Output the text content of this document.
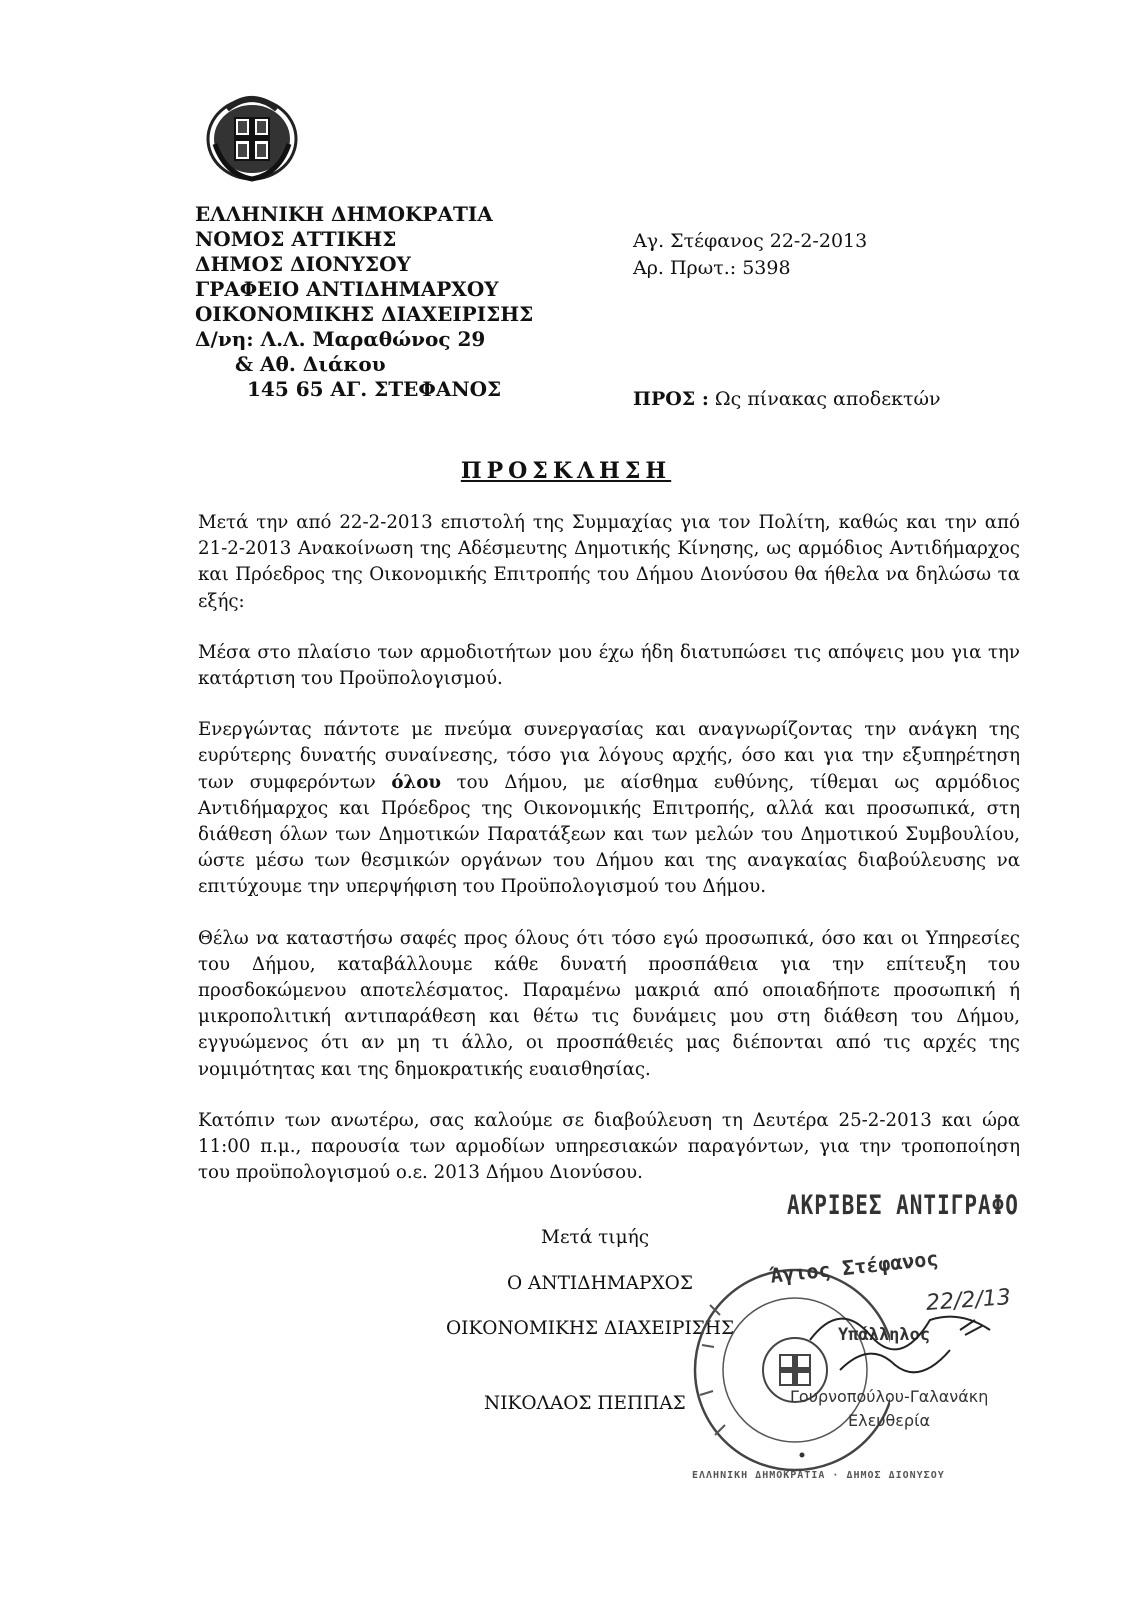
ΕΛΛΗΝΙΚΗ ΔΗΜΟΚΡΑΤΙΑ
ΝΟΜΟΣ ΑΤΤΙΚΗΣ
ΔΗΜΟΣ ΔΙΟΝΥΣΟΥ
ΓΡΑΦΕΙΟ ΑΝΤΙΔΗΜΑΡΧΟΥ
ΟΙΚΟΝΟΜΙΚΗΣ ΔΙΑΧΕΙΡΙΣΗΣ
Δ/νη: Λ.Λ. Μαραθώνος 29
& Αθ. Διάκου
145 65 ΑΓ. ΣΤΕΦΑΝΟΣ
Αγ. Στέφανος 22-2-2013
Αρ. Πρωτ.: 5398
ΠΡΟΣ : Ως πίνακας αποδεκτών
ΠΡΟΣΚΛΗΣΗ

Μετά την από 22-2-2013 επιστολή της Συμμαχίας για τον Πολίτη, καθώς και την από 21-2-2013 Ανακοίνωση της Αδέσμευτης Δημοτικής Κίνησης, ως αρμόδιος Αντιδήμαρχος και Πρόεδρος της Οικονομικής Επιτροπής του Δήμου Διονύσου θα ήθελα να δηλώσω τα εξής:

Μέσα στο πλαίσιο των αρμοδιοτήτων μου έχω ήδη διατυπώσει τις απόψεις μου για την κατάρτιση του Προϋπολογισμού.

Ενεργώντας πάντοτε με πνεύμα συνεργασίας και αναγνωρίζοντας την ανάγκη της ευρύτερης δυνατής συναίνεσης, τόσο για λόγους αρχής, όσο και για την εξυπηρέτηση των συμφερόντων όλου του Δήμου, με αίσθημα ευθύνης, τίθεμαι ως αρμόδιος Αντιδήμαρχος και Πρόεδρος της Οικονομικής Επιτροπής, αλλά και προσωπικά, στη διάθεση όλων των Δημοτικών Παρατάξεων και των μελών του Δημοτικού Συμβουλίου, ώστε μέσω των θεσμικών οργάνων του Δήμου και της αναγκαίας διαβούλευσης να επιτύχουμε την υπερψήφιση του Προϋπολογισμού του Δήμου.

Θέλω να καταστήσω σαφές προς όλους ότι τόσο εγώ προσωπικά, όσο και οι Υπηρεσίες του Δήμου, καταβάλλουμε κάθε δυνατή προσπάθεια για την επίτευξη του προσδοκώμενου αποτελέσματος. Παραμένω μακριά από οποιαδήποτε προσωπική ή μικροπολιτική αντιπαράθεση και θέτω τις δυνάμεις μου στη διάθεση του Δήμου, εγγυώμενος ότι αν μη τι άλλο, οι προσπάθειές μας διέπονται από τις αρχές της νομιμότητας και της δημοκρατικής ευαισθησίας.

Κατόπιν των ανωτέρω, σας καλούμε σε διαβούλευση τη Δευτέρα 25-2-2013 και ώρα 11:00 π.μ., παρουσία των αρμοδίων υπηρεσιακών παραγόντων, για την τροποποίηση του προϋπολογισμού ο.ε. 2013 Δήμου Διονύσου.

Μετά τιμής
Ο ΑΝΤΙΔΗΜΑΡΧΟΣ
ΟΙΚΟΝΟΜΙΚΗΣ ΔΙΑΧΕΙΡΙΣΗΣ
ΝΙΚΟΛΑΟΣ ΠΕΠΠΑΣ
ΑΚΡΙΒΕΣ ΑΝΤΙΓΡΑΦΟ
Άγιος Στέφανος
22/2/13
Υπάλληλος
Γουρνοπούλου-Γαλανάκη
Ελευθερία
ΕΛΛΗΝΙΚΗ ΔΗΜΟΚΡΑΤΙΑ · ΔΗΜΟΣ ΔΙΟΝΥΣΟΥ
